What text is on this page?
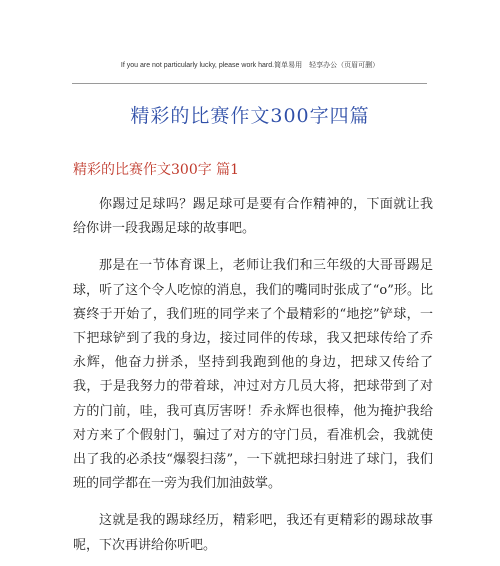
If you are not particularly lucky, please work hard.简单易用　轻享办公（页眉可删）
精彩的比赛作文300字四篇
精彩的比赛作文300字 篇1

你踢过足球吗？踢足球可是要有合作精神的，下面就让我给你讲一段我踢足球的故事吧。

那是在一节体育课上，老师让我们和三年级的大哥哥踢足球，听了这个令人吃惊的消息，我们的嘴同时张成了“o”形。比赛终于开始了，我们班的同学来了个最精彩的“地挖”铲球，一下把球铲到了我的身边，接过同伴的传球，我又把球传给了乔永辉，他奋力拼杀，坚持到我跑到他的身边，把球又传给了我，于是我努力的带着球，冲过对方几员大将，把球带到了对方的门前，哇，我可真厉害呀！乔永辉也很棒，他为掩护我给对方来了个假射门，骗过了对方的守门员，看准机会，我就使出了我的必杀技“爆裂扫荡”，一下就把球扫射进了球门，我们班的同学都在一旁为我们加油鼓掌。

这就是我的踢球经历，精彩吧，我还有更精彩的踢球故事呢，下次再讲给你听吧。
